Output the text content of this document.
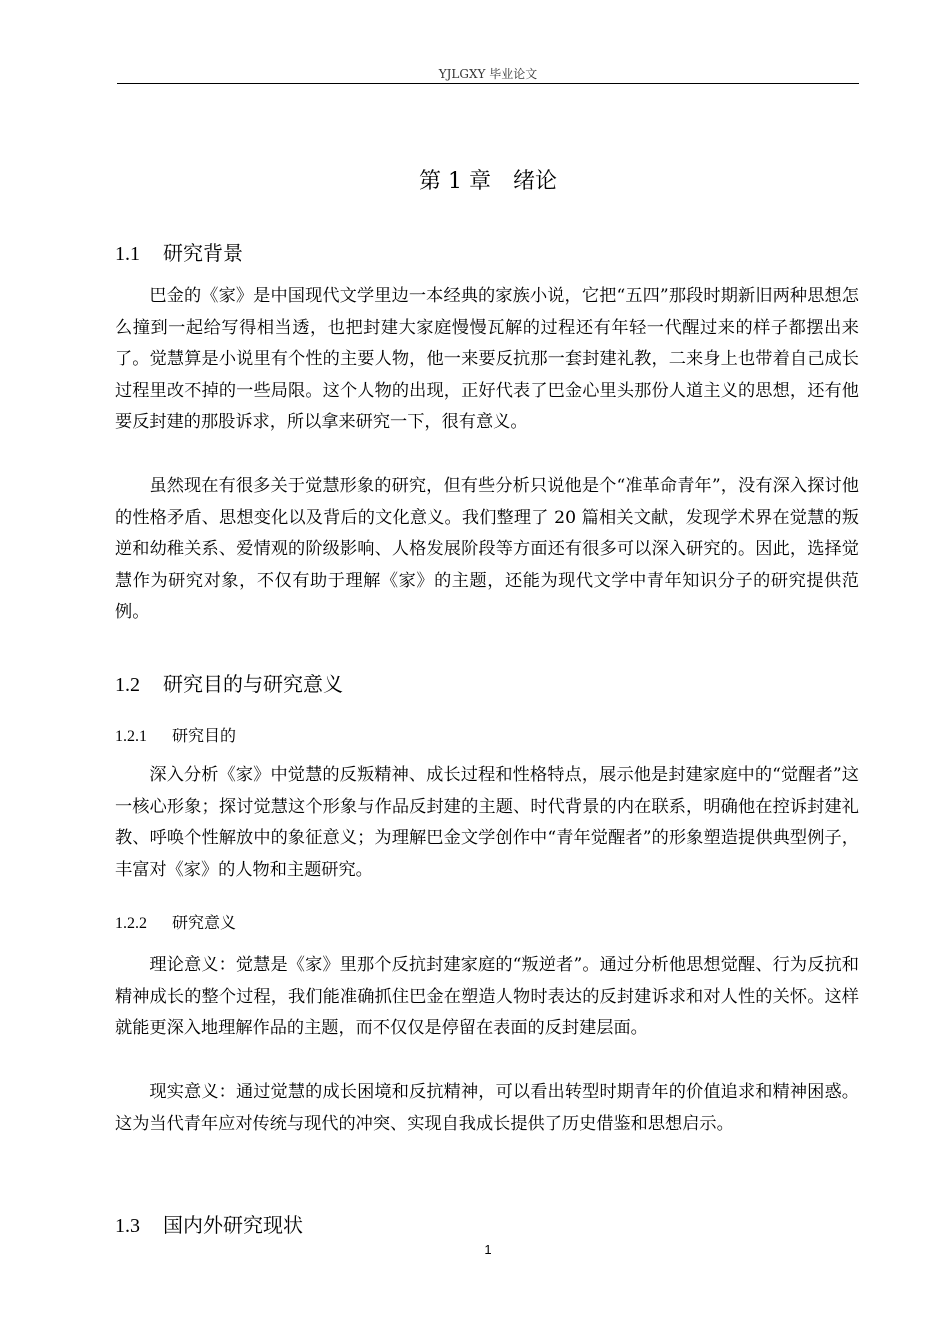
YJLGXY 毕业论文
第 1 章　绪论
1.1 研究背景

巴金的《家》是中国现代文学里边一本经典的家族小说，它把“五四”那段时期新旧两种思想怎么撞到一起给写得相当透，也把封建大家庭慢慢瓦解的过程还有年轻一代醒过来的样子都摆出来了。觉慧算是小说里有个性的主要人物，他一来要反抗那一套封建礼教，二来身上也带着自己成长过程里改不掉的一些局限。这个人物的出现，正好代表了巴金心里头那份人道主义的思想，还有他要反封建的那股诉求，所以拿来研究一下，很有意义。

虽然现在有很多关于觉慧形象的研究，但有些分析只说他是个“准革命青年”，没有深入探讨他的性格矛盾、思想变化以及背后的文化意义。我们整理了 20 篇相关文献，发现学术界在觉慧的叛逆和幼稚关系、爱情观的阶级影响、人格发展阶段等方面还有很多可以深入研究的。因此，选择觉慧作为研究对象，不仅有助于理解《家》的主题，还能为现代文学中青年知识分子的研究提供范例。

1.2 研究目的与研究意义
1.2.1 研究目的

深入分析《家》中觉慧的反叛精神、成长过程和性格特点，展示他是封建家庭中的“觉醒者”这一核心形象；探讨觉慧这个形象与作品反封建的主题、时代背景的内在联系，明确他在控诉封建礼教、呼唤个性解放中的象征意义；为理解巴金文学创作中“青年觉醒者”的形象塑造提供典型例子，丰富对《家》的人物和主题研究。

1.2.2 研究意义

理论意义：觉慧是《家》里那个反抗封建家庭的“叛逆者”。通过分析他思想觉醒、行为反抗和精神成长的整个过程，我们能准确抓住巴金在塑造人物时表达的反封建诉求和对人性的关怀。这样就能更深入地理解作品的主题，而不仅仅是停留在表面的反封建层面。

现实意义：通过觉慧的成长困境和反抗精神，可以看出转型时期青年的价值追求和精神困惑。这为当代青年应对传统与现代的冲突、实现自我成长提供了历史借鉴和思想启示。

1.3 国内外研究现状
1
